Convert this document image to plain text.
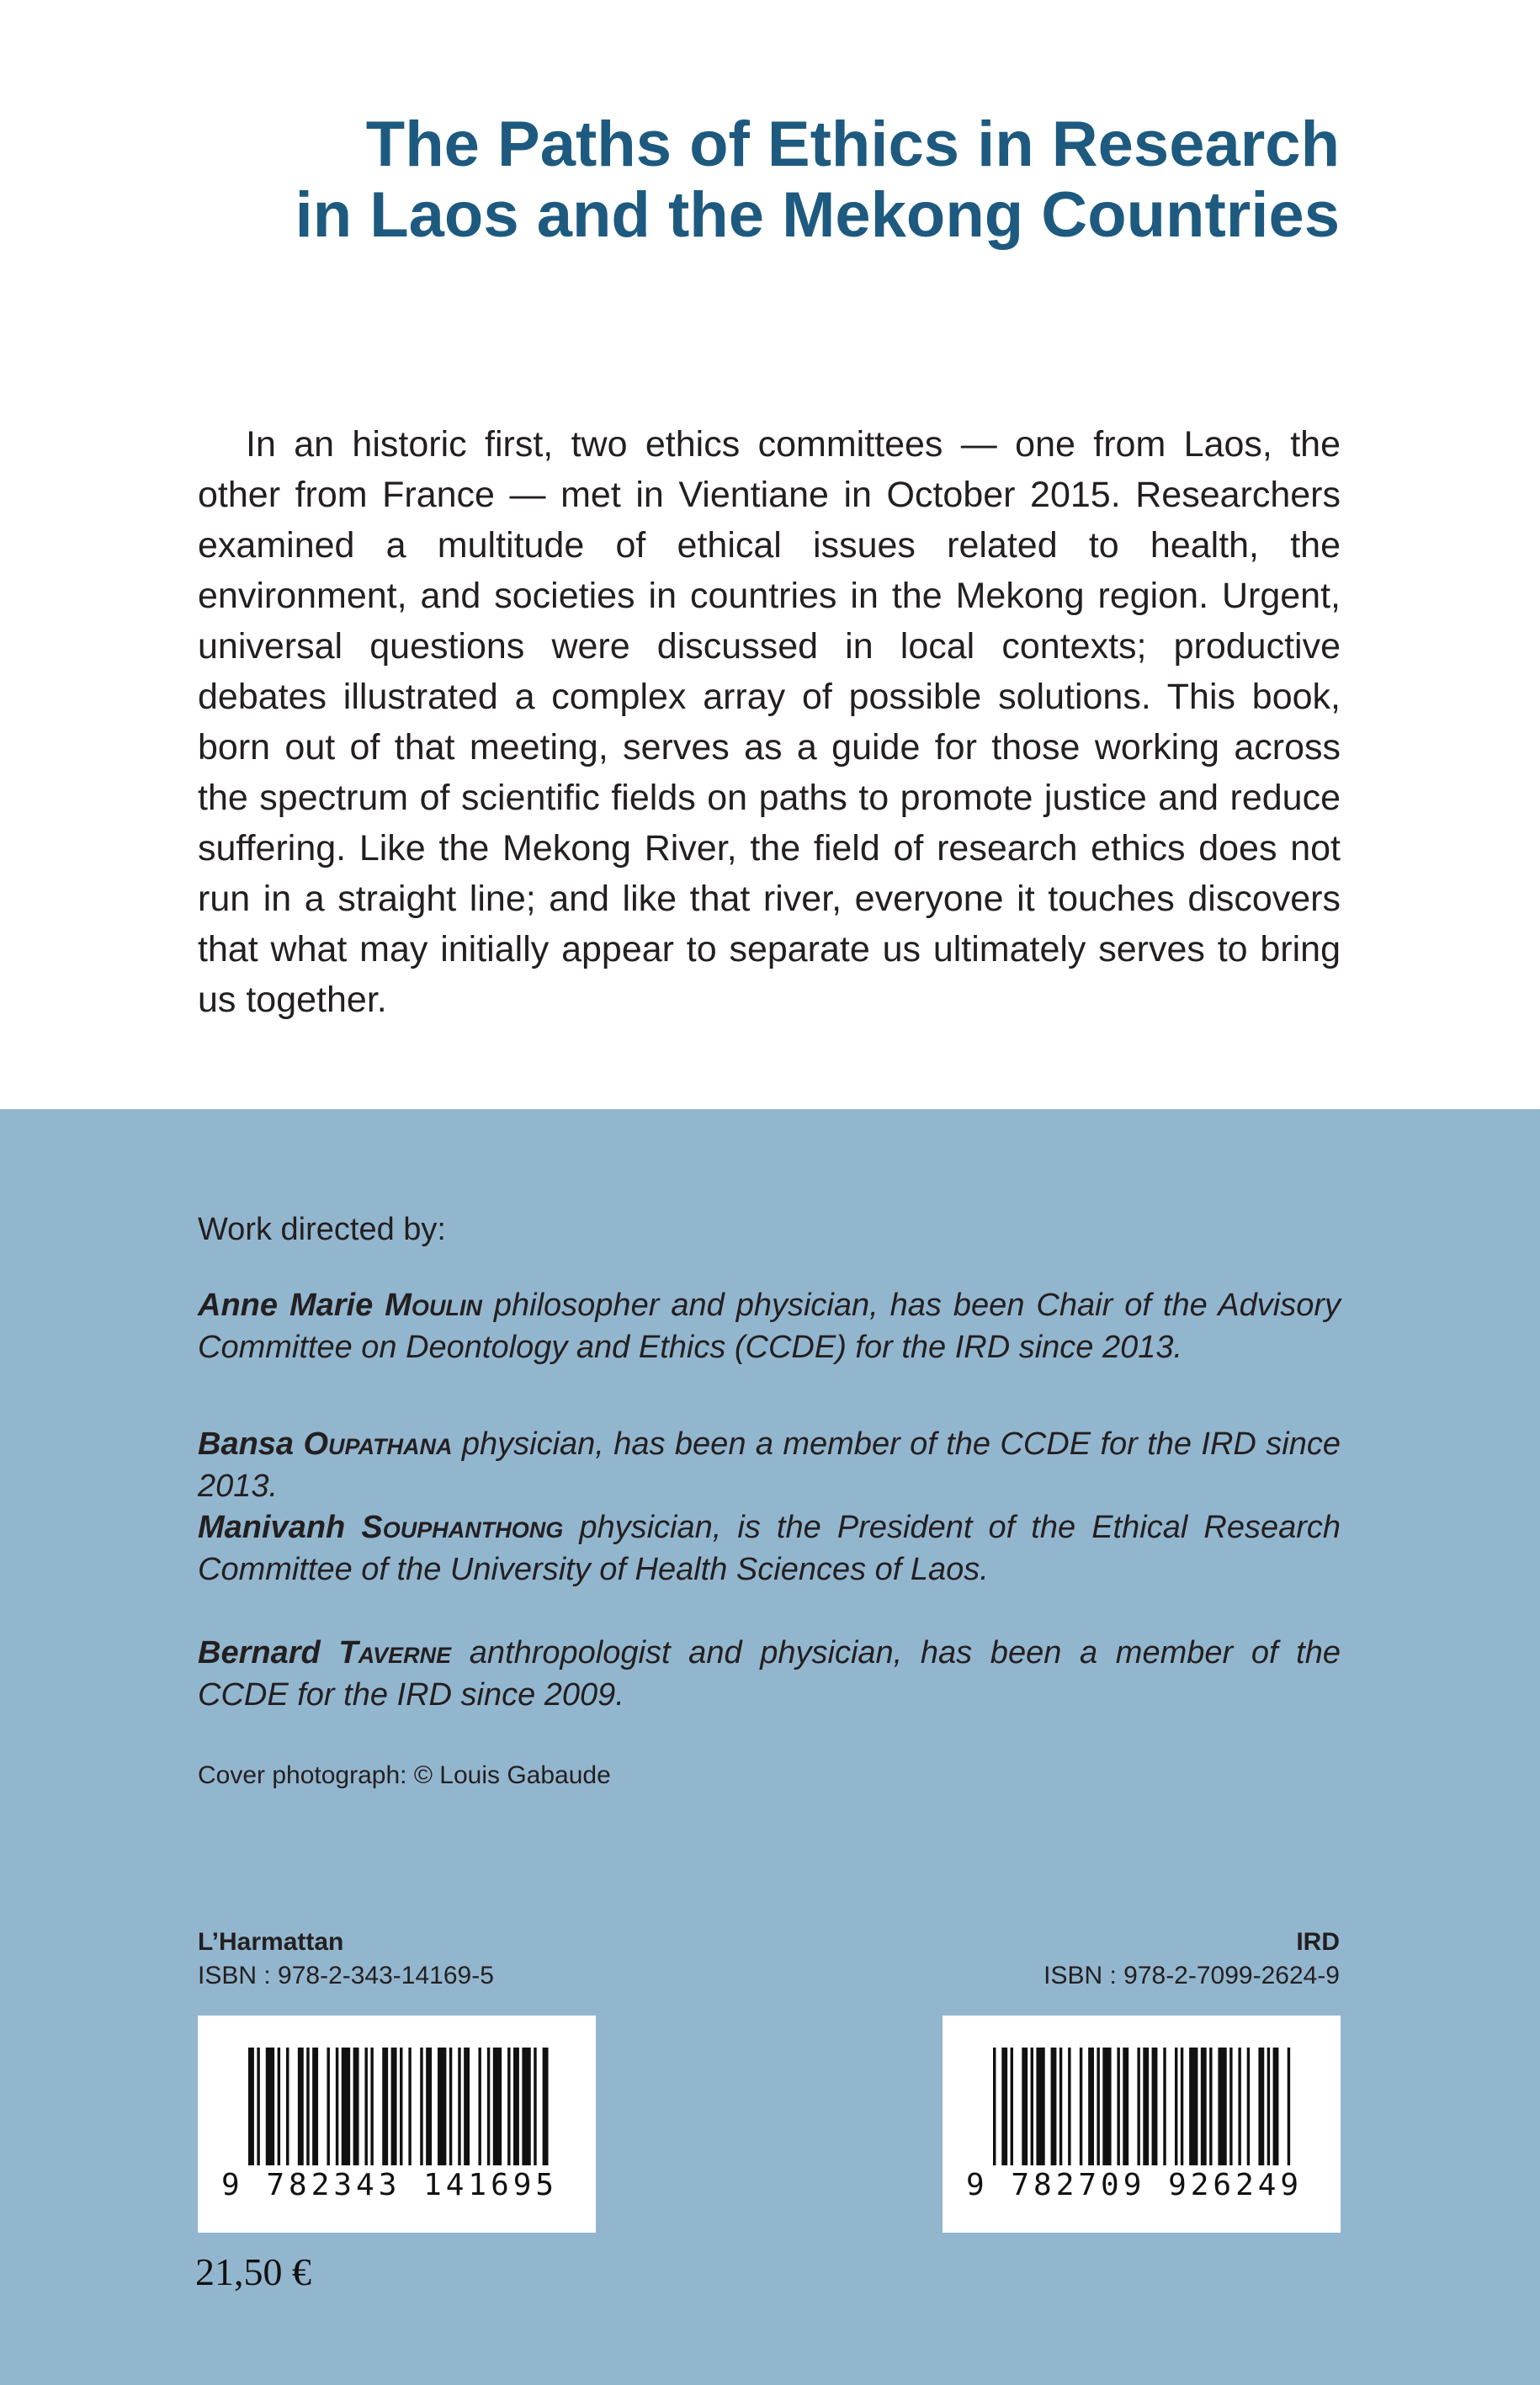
The Paths of Ethics in Research
in Laos and the Mekong Countries

In an historic first, two ethics committees — one from Laos, the other from France — met in Vientiane in October 2015. Researchers examined a multitude of ethical issues related to health, the environment, and societies in countries in the Mekong region. Urgent, universal questions were discussed in local contexts; productive debates illustrated a complex array of possible solutions. This book, born out of that meeting, serves as a guide for those working across the spectrum of scientific fields on paths to promote justice and reduce suffering. Like the Mekong River, the field of research ethics does not run in a straight line; and like that river, everyone it touches discovers that what may initially appear to separate us ultimately serves to bring us together.

Work directed by:

Anne Marie Moulin philosopher and physician, has been Chair of the Advisory Committee on Deontology and Ethics (CCDE) for the IRD since 2013.

Bansa Oupathana physician, has been a member of the CCDE for the IRD since 2013.

Manivanh Souphanthong physician, is the President of the Ethical Research Committee of the University of Health Sciences of Laos.

Bernard Taverne anthropologist and physician, has been a member of the CCDE for the IRD since 2009.

Cover photograph: © Louis Gabaude
L’Harmattan
ISBN : 978-2-343-14169-5
IRD
ISBN : 978-2-7099-2624-9
9 782343 141695	9 782709 926249
21,50 €
